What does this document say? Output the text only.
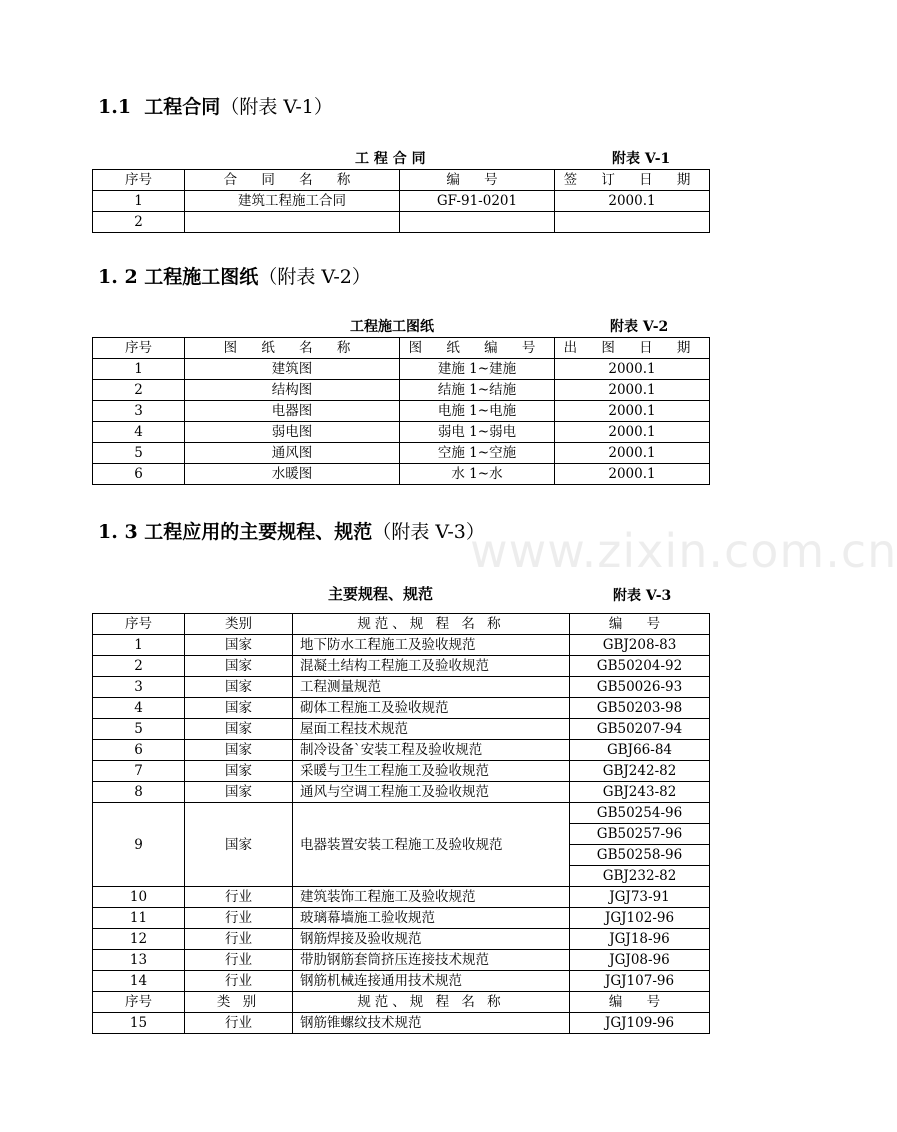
www.zixin.com.cn
1.1 工程合同（附表 V-1）
工 程 合 同	附表 V-1
序号	合 同 名 称	编 号	签 订 日 期
1	建筑工程施工合同	GF-91-0201	2000.1
2			
1. 2 工程施工图纸（附表 V-2）
工程施工图纸	附表 V-2
序号	图 纸 名 称	图 纸 编 号	出 图 日 期
1	建筑图	建施 1~建施	2000.1
2	结构图	结施 1~结施	2000.1
3	电器图	电施 1~电施	2000.1
4	弱电图	弱电 1~弱电	2000.1
5	通风图	空施 1~空施	2000.1
6	水暖图	水 1~水	2000.1
1. 3 工程应用的主要规程、规范（附表 V-3）
主要规程、规范	附表 V-3
序号	类别	规范、规 程 名 称	编 号
1	国家	地下防水工程施工及验收规范	GBJ208-83
2	国家	混凝土结构工程施工及验收规范	GB50204-92
3	国家	工程测量规范	GB50026-93
4	国家	砌体工程施工及验收规范	GB50203-98
5	国家	屋面工程技术规范	GB50207-94
6	国家	制冷设备`安装工程及验收规范	GBJ66-84
7	国家	采暖与卫生工程施工及验收规范	GBJ242-82
8	国家	通风与空调工程施工及验收规范	GBJ243-82
9	国家	电器装置安装工程施工及验收规范	GB50254-96
			GB50257-96
			GB50258-96
			GBJ232-82
10	行业	建筑装饰工程施工及验收规范	JGJ73-91
11	行业	玻璃幕墙施工验收规范	JGJ102-96
12	行业	钢筋焊接及验收规范	JGJ18-96
13	行业	带肋钢筋套筒挤压连接技术规范	JGJ08-96
14	行业	钢筋机械连接通用技术规范	JGJ107-96
序号	类 别	规范、规 程 名 称	编 号
15	行业	钢筋锥螺纹技术规范	JGJ109-96
